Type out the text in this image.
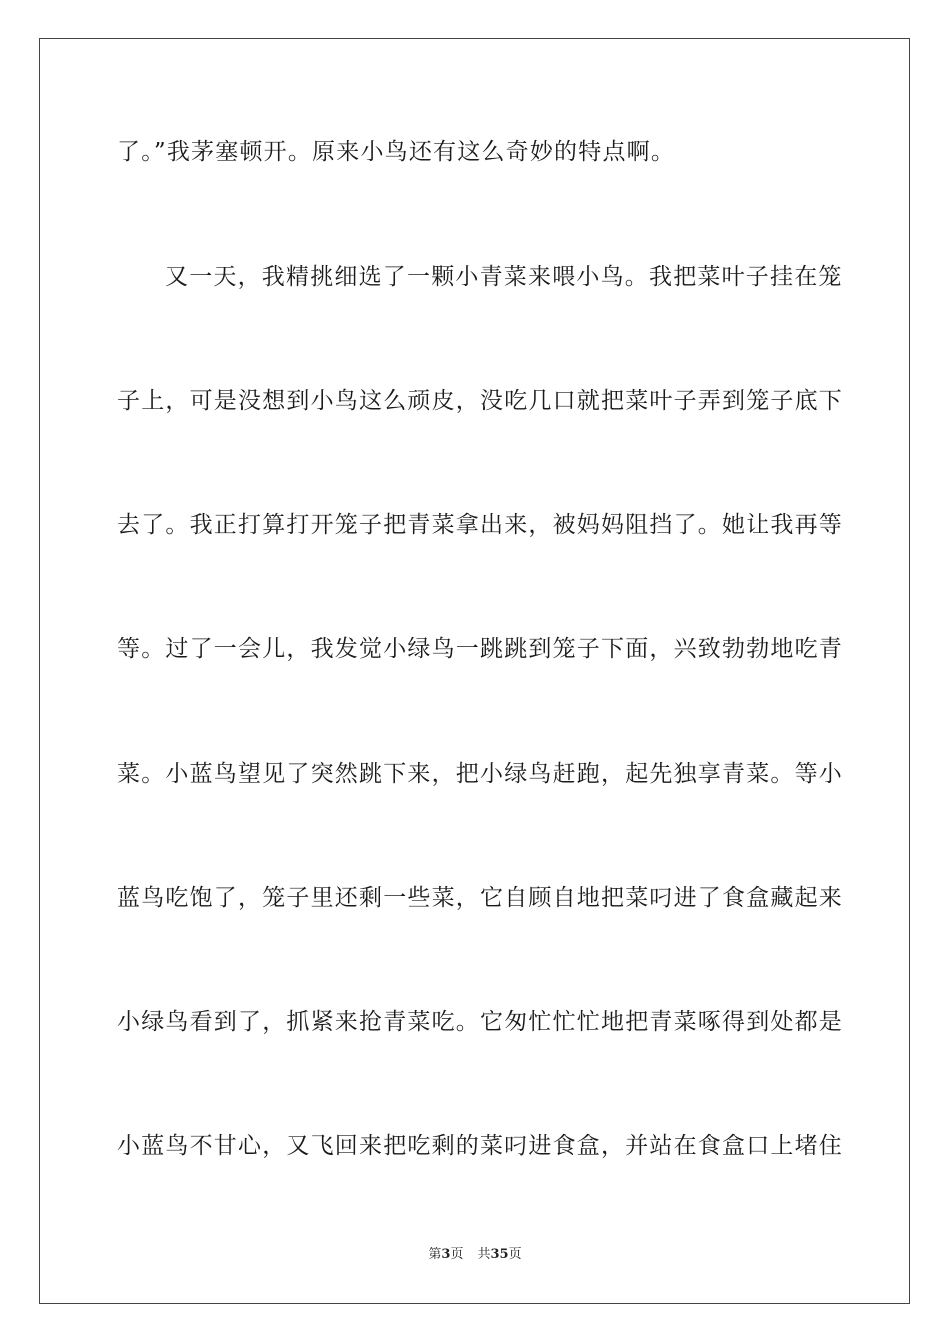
了。”我茅塞顿开。原来小鸟还有这么奇妙的特点啊。
又一天，我精挑细选了一颗小青菜来喂小鸟。我把菜叶子挂在笼
子上，可是没想到小鸟这么顽皮，没吃几口就把菜叶子弄到笼子底下
去了。我正打算打开笼子把青菜拿出来，被妈妈阻挡了。她让我再等
等。过了一会儿，我发觉小绿鸟一跳跳到笼子下面，兴致勃勃地吃青
菜。小蓝鸟望见了突然跳下来，把小绿鸟赶跑，起先独享青菜。等小
蓝鸟吃饱了，笼子里还剩一些菜，它自顾自地把菜叼进了食盒藏起来
小绿鸟看到了，抓紧来抢青菜吃。它匆忙忙忙地把青菜啄得到处都是
小蓝鸟不甘心，又飞回来把吃剩的菜叼进食盒，并站在食盒口上堵住
第3页 共35页
